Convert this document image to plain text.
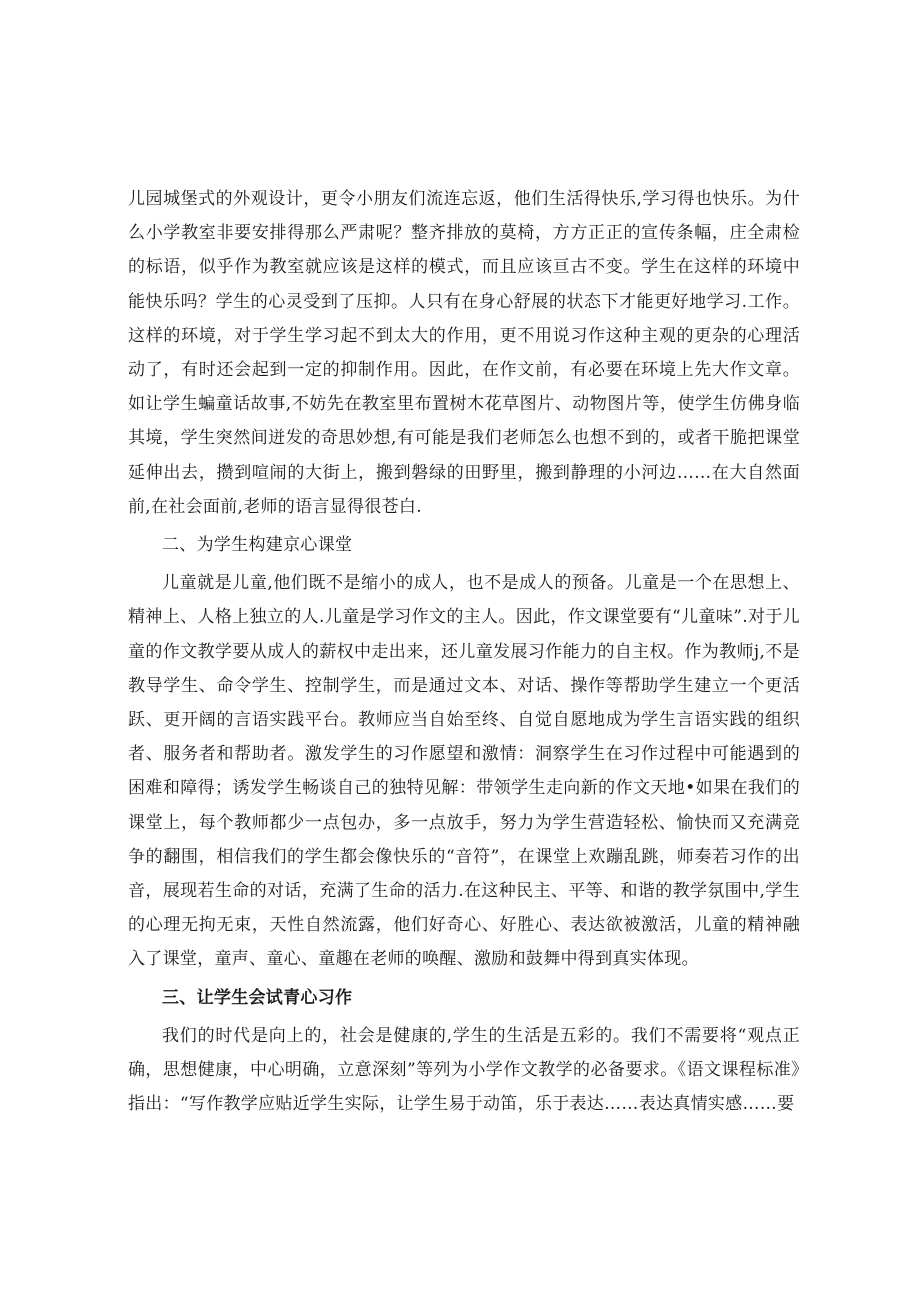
儿园城堡式的外观设计，更令小朋友们流连忘返，他们生活得快乐,学习得也快乐。为什么小学教室非要安排得那么严肃呢？整齐排放的莫椅，方方正正的宣传条幅，庄全肃检的标语，似乎作为教室就应该是这样的模式，而且应该亘古不变。学生在这样的环境中能快乐吗？学生的心灵受到了压抑。人只有在身心舒展的状态下才能更好地学习.工作。这样的环境，对于学生学习起不到太大的作用，更不用说习作这种主观的更杂的心理活动了，有时还会起到一定的抑制作用。因此，在作文前，有必要在环境上先大作文章。如让学生蝙童话故事,不妨先在教室里布置树木花草图片、动物图片等，使学生仿佛身临其境，学生突然间迸发的奇思妙想,有可能是我们老师怎么也想不到的，或者干脆把课堂延伸出去，攒到喧闹的大街上，搬到磐绿的田野里，搬到静理的小河边……在大自然面前,在社会面前,老师的语言显得很苍白.

二、为学生构建京心课堂

儿童就是儿童,他们既不是缩小的成人，也不是成人的预备。儿童是一个在思想上、精神上、人格上独立的人.儿童是学习作文的主人。因此，作文课堂要有“儿童味”.对于儿童的作文教学要从成人的薪权中走出来，还儿童发展习作能力的自主权。作为教师j,不是教导学生、命令学生、控制学生，而是通过文本、对话、操作等帮助学生建立一个更活跃、更开阔的言语实践平台。教师应当自始至终、自觉自愿地成为学生言语实践的组织者、服务者和帮助者。激发学生的习作愿望和激情：洞察学生在习作过程中可能遇到的困难和障得；诱发学生畅谈自己的独特见解：带领学生走向新的作文天地•如果在我们的课堂上，每个教师都少一点包办，多一点放手，努力为学生营造轻松、愉快而又充满竞争的翻围，相信我们的学生都会像快乐的“音符”，在课堂上欢蹦乱跳，师奏若习作的出音，展现若生命的对话，充满了生命的活力.在这种民主、平等、和谐的教学氛围中,学生的心理无拘无束，天性自然流露，他们好奇心、好胜心、表达欲被激活，儿童的精神融入了课堂，童声、童心、童趣在老师的唤醒、激励和鼓舞中得到真实体现。

三、让学生会试青心习作

我们的时代是向上的，社会是健康的,学生的生活是五彩的。我们不需要将“观点正确，思想健康，中心明确，立意深刻”等列为小学作文教学的必备要求。《语文课程标准》指出：“写作教学应贴近学生实际，让学生易于动笛，乐于表达……表达真情实感……要
